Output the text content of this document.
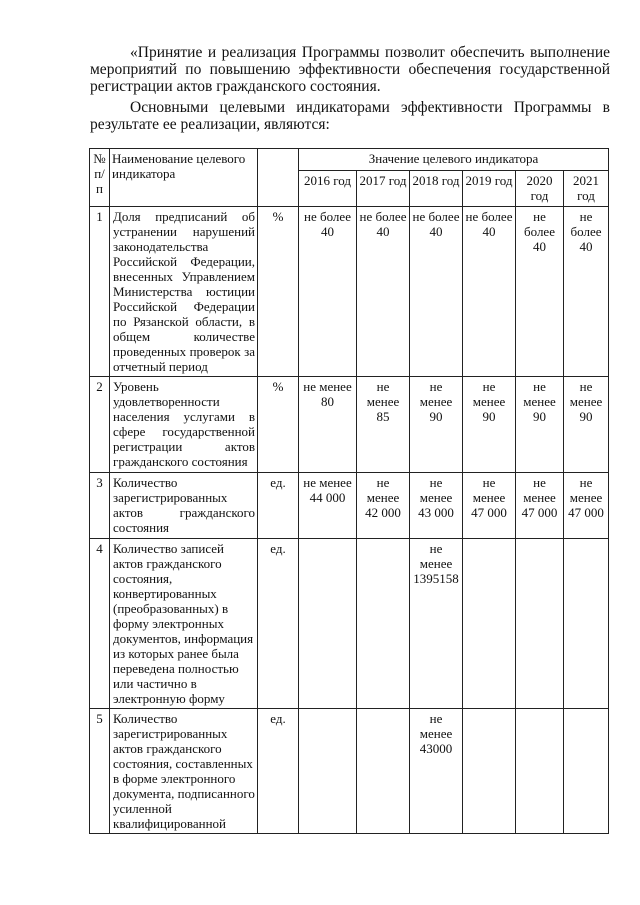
«Принятие и реализация Программы позволит обеспечить выполнение мероприятий по повышению эффективности обеспечения государственной регистрации актов гражданского состояния.

Основными целевыми индикаторами эффективности Программы в результате ее реализации, являются:

№ п/п	Наименование целевого индикатора		Значение целевого индикатора					
			2016 год	2017 год	2018 год	2019 год	2020 год	2021 год
1	Доля предписаний об устранении нарушений законодательства Российской Федерации, внесенных Управлением Министерства юстиции Российской Федерации по Рязанской области, в общем количестве проведенных проверок за отчетный период	%	не более 40	не более 40	не более 40	не более 40	не более 40	не более 40
2	Уровень удовлетворенности населения услугами в сфере государственной регистрации актов гражданского состояния	%	не менее 80	не менее 85	не менее 90	не менее 90	не менее 90	не менее 90
3	Количество зарегистрированных актов гражданского состояния	ед.	не менее 44 000	не менее 42 000	не менее 43 000	не менее 47 000	не менее 47 000	не менее 47 000
4	Количество записей актов гражданского состояния, конвертированных (преобразованных) в форму электронных документов, информация из которых ранее была переведена полностью или частично в электронную форму	ед.			не менее 1395158			
5	Количество зарегистрированных актов гражданского состояния, составленных в форме электронного документа, подписанного усиленной квалифицированной	ед.			не менее 43000			
